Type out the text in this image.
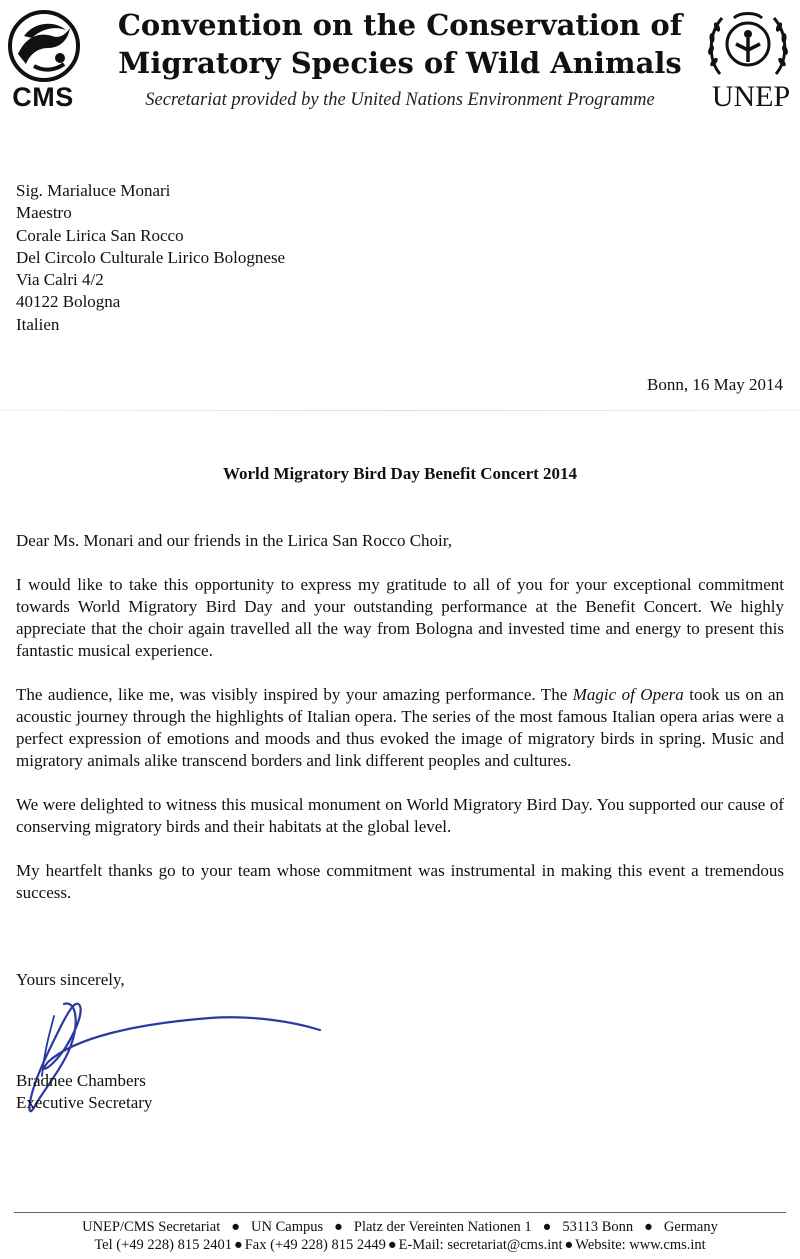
CMS
Convention on the Conservation of
Migratory Species of Wild Animals
Secretariat provided by the United Nations Environment Programme	UNEP
Sig. Marialuce Monari
Maestro
Corale Lirica San Rocco
Del Circolo Culturale Lirico Bolognese
Via Calri 4/2
40122 Bologna
Italien
Bonn, 16 May 2014
World Migratory Bird Day Benefit Concert 2014

Dear Ms. Monari and our friends in the Lirica San Rocco Choir,

I would like to take this opportunity to express my gratitude to all of you for your exceptional commitment towards World Migratory Bird Day and your outstanding performance at the Benefit Concert. We highly appreciate that the choir again travelled all the way from Bologna and invested time and energy to present this fantastic musical experience.

The audience, like me, was visibly inspired by your amazing performance. The Magic of Opera took us on an acoustic journey through the highlights of Italian opera. The series of the most famous Italian opera arias were a perfect expression of emotions and moods and thus evoked the image of migratory birds in spring. Music and migratory animals alike transcend borders and link different peoples and cultures.

We were delighted to witness this musical monument on World Migratory Bird Day. You supported our cause of conserving migratory birds and their habitats at the global level.

My heartfelt thanks go to your team whose commitment was instrumental in making this event a tremendous success.

Yours sincerely,
Bradnee Chambers
Executive Secretary
UNEP/CMS Secretariat ● UN Campus ● Platz der Vereinten Nationen 1 ● 53113 Bonn ● Germany
Tel (+49 228) 815 2401 ● Fax (+49 228) 815 2449 ● E-Mail: secretariat@cms.int ● Website: www.cms.int
